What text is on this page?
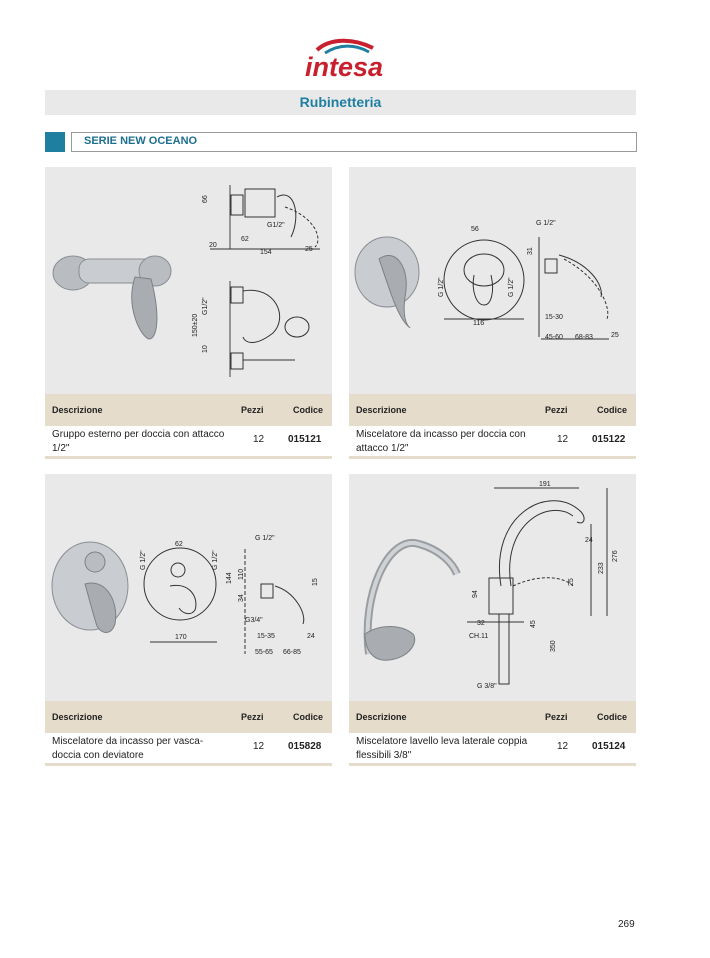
intesa
Rubinetteria
SERIE NEW OCEANO
66
G1/2"
62
20
154	25
G1/2"
150±20
10
Descrizione	Pezzi	Codice
Gruppo esterno per doccia con attacco 1/2"
12 015121
56
G 1/2"
31
G 1/2"	G 1/2"
116
15-30
45-60 68-83	25
Descrizione	Pezzi	Codice
Miscelatore da incasso per doccia con attacco 1/2"
12 015122
G 1/2"
62
G 1/2"	G 1/2"
144 110
34
15
G3/4"
170	15-35	24
55-65 66-85
Descrizione	Pezzi	Codice
Miscelatore da incasso per vasca-doccia con deviatore
12 015828
191
24
276
233
25
94
32	45
CH.11
350
G 3/8"
Descrizione	Pezzi	Codice
Miscelatore lavello leva laterale coppia flessibili 3/8"
12 015124
269
